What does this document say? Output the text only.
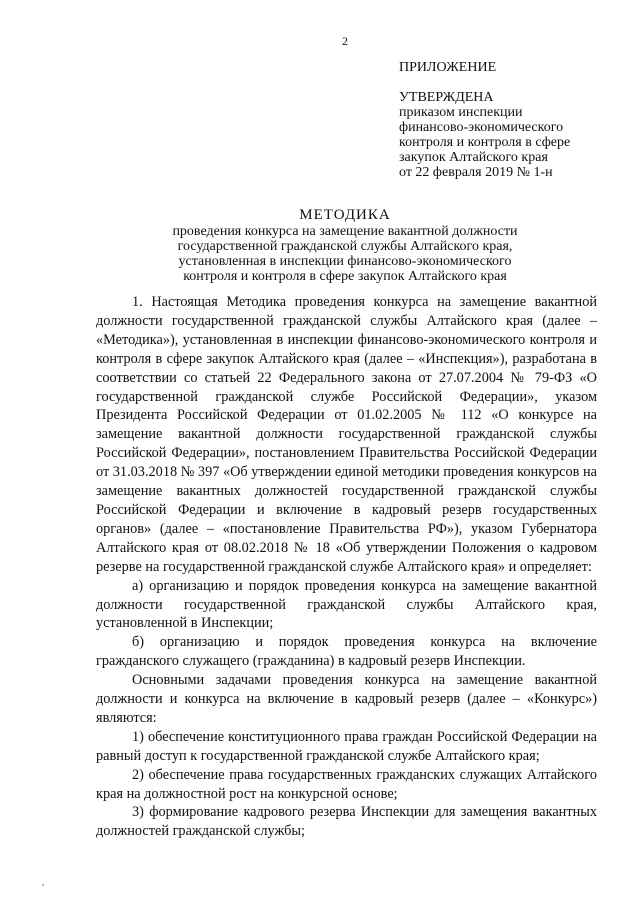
2

ПРИЛОЖЕНИЕ

УТВЕРЖДЕНА

приказом инспекции

финансово-экономического

контроля и контроля в сфере

закупок Алтайского края

от 22 февраля 2019 № 1-н

МЕТОДИКА

проведения конкурса на замещение вакантной должности

государственной гражданской службы Алтайского края,

установленная в инспекции финансово-экономического

контроля и контроля в сфере закупок Алтайского края

1. Настоящая Методика проведения конкурса на замещение вакантной должности государственной гражданской службы Алтайского края (далее – «Методика»), установленная в инспекции финансово-экономического контроля и контроля в сфере закупок Алтайского края (далее – «Инспекция»), разработана в соответствии со статьей 22 Федерального закона от 27.07.2004 № 79-ФЗ «О государственной гражданской службе Российской Федерации», указом Президента Российской Федерации от 01.02.2005 № 112 «О конкурсе на замещение вакантной должности государственной гражданской службы Российской Федерации», постановлением Правительства Российской Федерации от 31.03.2018 № 397 «Об утверждении единой методики проведения конкурсов на замещение вакантных должностей государственной гражданской службы Российской Федерации и включение в кадровый резерв государственных органов» (далее – «постановление Правительства РФ»), указом Губернатора Алтайского края от 08.02.2018 № 18 «Об утверждении Положения о кадровом резерве на государственной гражданской службе Алтайского края» и определяет:

а) организацию и порядок проведения конкурса на замещение вакантной должности государственной гражданской службы Алтайского края, установленной в Инспекции;

б) организацию и порядок проведения конкурса на включение гражданского служащего (гражданина) в кадровый резерв Инспекции.

Основными задачами проведения конкурса на замещение вакантной должности и конкурса на включение в кадровый резерв (далее – «Конкурс») являются:

1) обеспечение конституционного права граждан Российской Федерации на равный доступ к государственной гражданской службе Алтайского края;

2) обеспечение права государственных гражданских служащих Алтайского края на должностной рост на конкурсной основе;

3) формирование кадрового резерва Инспекции для замещения вакантных должностей гражданской службы;
